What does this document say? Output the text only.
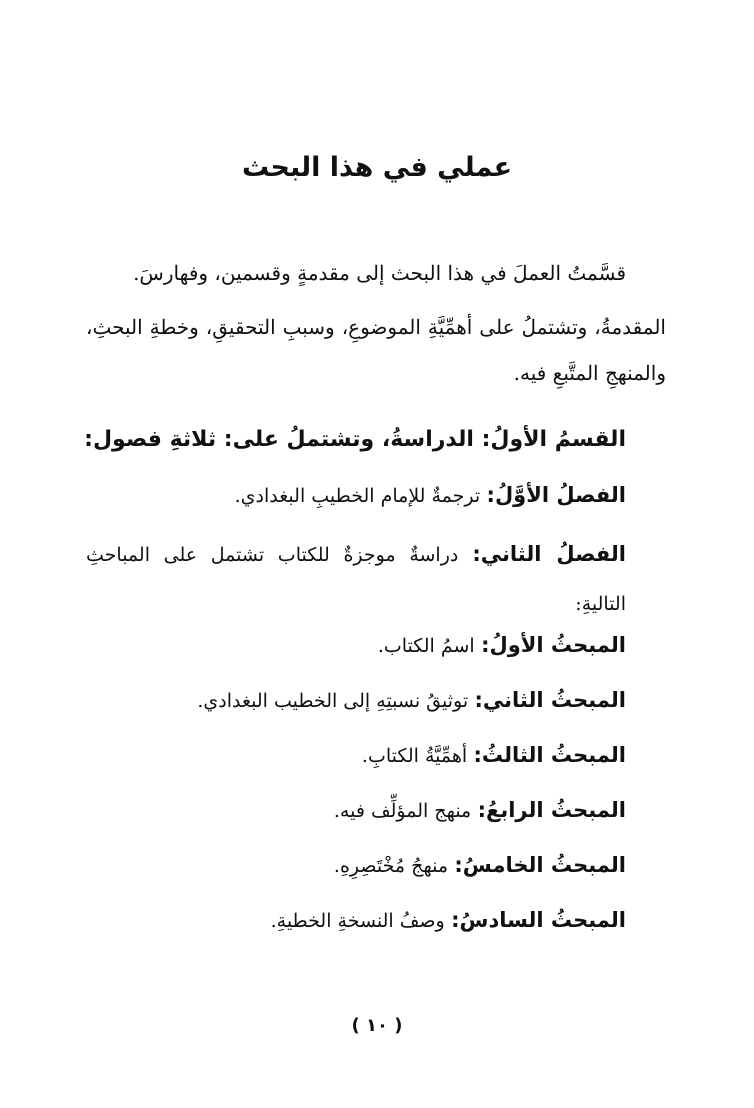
عملي في هذا البحث
قسَّمتُ العملَ في هذا البحث إلى مقدمةٍ وقسمين، وفهارسَ.
المقدمةُ، وتشتملُ على أهمِّيَّةِ الموضوعِ، وسببِ التحقيقِ، وخطةِ البحثِ، والمنهجِ المتَّبعِ فيه.
القسمُ الأولُ: الدراسةُ، وتشتملُ على: ثلاثةِ فصول:
الفصلُ الأوَّلُ: ترجمةٌ للإمام الخطيبِ البغدادي.
الفصلُ الثاني: دراسةٌ موجزةٌ للكتاب تشتمل على المباحثِ التاليةِ:
المبحثُ الأولُ: اسمُ الكتاب.
المبحثُ الثاني: توثيقُ نسبتِهِ إلى الخطيب البغدادي.
المبحثُ الثالثُ: أهمِّيَّةُ الكتابِ.
المبحثُ الرابعُ: منهج المؤلِّف فيه.
المبحثُ الخامسُ: منهجُ مُخْتَصِرِهِ.
المبحثُ السادسُ: وصفُ النسخةِ الخطيةِ.
( ١٠ )
